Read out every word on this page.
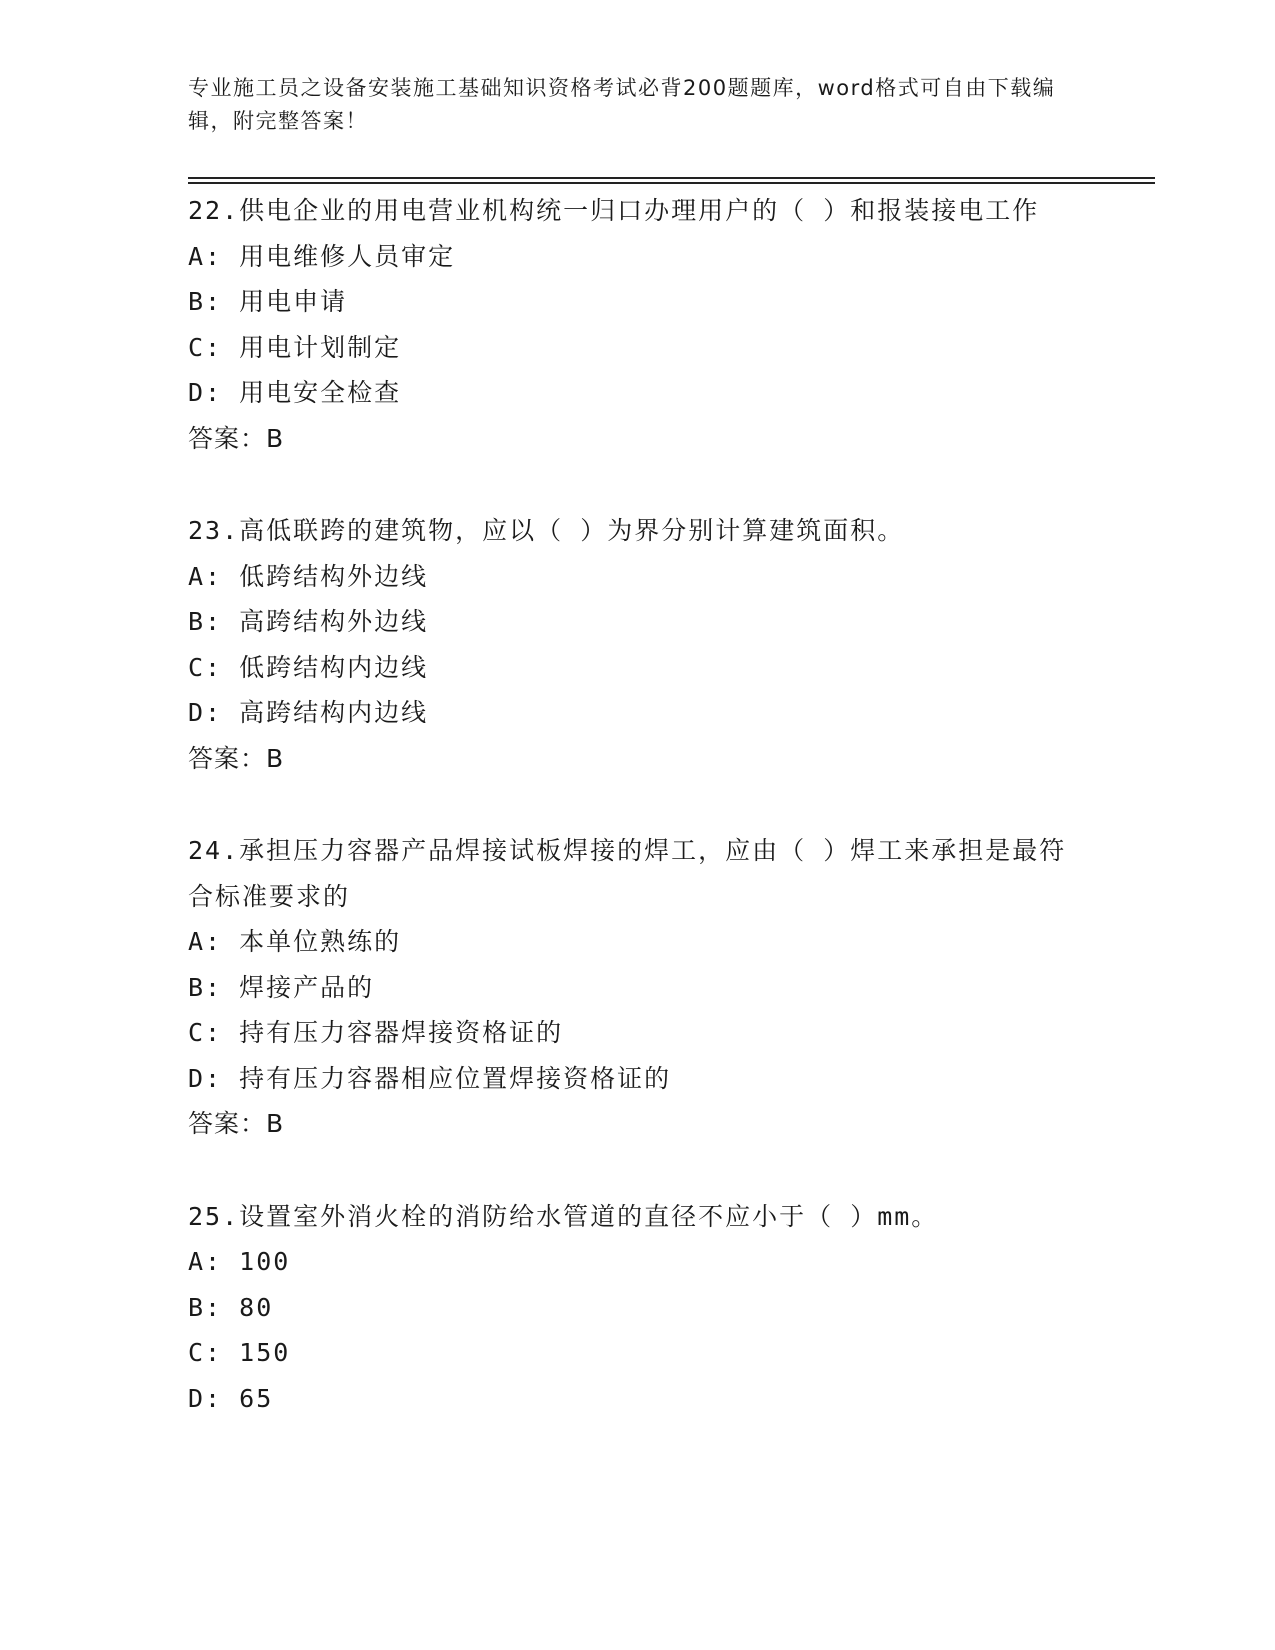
专业施工员之设备安装施工基础知识资格考试必背200题题库，word格式可自由下载编辑，附完整答案！
22.供电企业的用电营业机构统一归口办理用户的（ ）和报装接电工作
A: 用电维修人员审定
B: 用电申请
C: 用电计划制定
D: 用电安全检查
答案：B
23.高低联跨的建筑物，应以（ ）为界分别计算建筑面积。
A: 低跨结构外边线
B: 高跨结构外边线
C: 低跨结构内边线
D: 高跨结构内边线
答案：B
24.承担压力容器产品焊接试板焊接的焊工，应由（ ）焊工来承担是最符合标准要求的
A: 本单位熟练的
B: 焊接产品的
C: 持有压力容器焊接资格证的
D: 持有压力容器相应位置焊接资格证的
答案：B
25.设置室外消火栓的消防给水管道的直径不应小于（ ）mm。
A: 100
B: 80
C: 150
D: 65
